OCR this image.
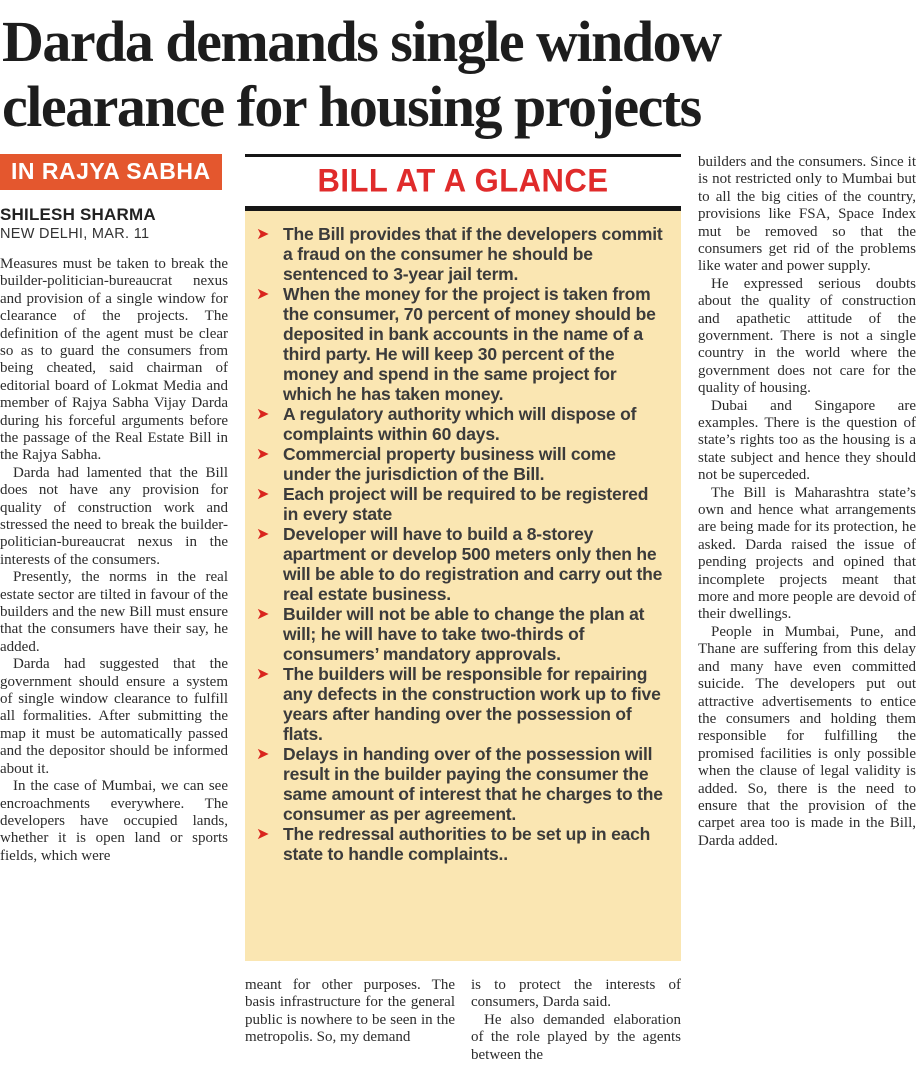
Darda demands single window clearance for housing projects
IN RAJYA SABHA
SHILESH SHARMA
NEW DELHI, MAR. 11

Measures must be taken to break the builder-politician-bureaucrat nexus and provision of a single window for clearance of the projects. The definition of the agent must be clear so as to guard the consumers from being cheated, said chairman of editorial board of Lokmat Media and member of Rajya Sabha Vijay Darda during his forceful arguments before the passage of the Real Estate Bill in the Rajya Sabha.

Darda had lamented that the Bill does not have any provision for quality of construction work and stressed the need to break the builder-politician-bureaucrat nexus in the interests of the consumers.

Presently, the norms in the real estate sector are tilted in favour of the builders and the new Bill must ensure that the consumers have their say, he added.

Darda had suggested that the government should ensure a system of single window clearance to fulfill all formalities. After submitting the map it must be automatically passed and the depositor should be informed about it.

In the case of Mumbai, we can see encroachments everywhere. The developers have occupied lands, whether it is open land or sports fields, which were

BILL AT A GLANCE
➤ The Bill provides that if the developers commit a fraud on the consumer he should be sentenced to 3-year jail term.
➤ When the money for the project is taken from the consumer, 70 percent of money should be deposited in bank accounts in the name of a third party. He will keep 30 percent of the money and spend in the same project for which he has taken money.
➤ A regulatory authority which will dispose of complaints within 60 days.
➤ Commercial property business will come under the jurisdiction of the Bill.
➤ Each project will be required to be registered in every state
➤ Developer will have to build a 8-storey apartment or develop 500 meters only then he will be able to do registration and carry out the real estate business.
➤ Builder will not be able to change the plan at will; he will have to take two-thirds of consumers’ mandatory approvals.
➤ The builders will be responsible for repairing any defects in the construction work up to five years after handing over the possession of flats.
➤ Delays in handing over of the possession will result in the builder paying the consumer the same amount of interest that he charges to the consumer as per agreement.
➤ The redressal authorities to be set up in each state to handle complaints..

meant for other purposes. The basis infrastructure for the general public is nowhere to be seen in the metropolis. So, my demand

is to protect the interests of consumers, Darda said.

He also demanded elaboration of the role played by the agents between the

builders and the consumers. Since it is not restricted only to Mumbai but to all the big cities of the country, provisions like FSA, Space Index mut be removed so that the consumers get rid of the problems like water and power supply.

He expressed serious doubts about the quality of construction and apathetic attitude of the government. There is not a single country in the world where the government does not care for the quality of housing.

Dubai and Singapore are examples. There is the question of state’s rights too as the housing is a state subject and hence they should not be superceded.

The Bill is Maharashtra state’s own and hence what arrangements are being made for its protection, he asked. Darda raised the issue of pending projects and opined that incomplete projects meant that more and more people are devoid of their dwellings.

People in Mumbai, Pune, and Thane are suffering from this delay and many have even committed suicide. The developers put out attractive advertisements to entice the consumers and holding them responsible for fulfilling the promised facilities is only possible when the clause of legal validity is added. So, there is the need to ensure that the provision of the carpet area too is made in the Bill, Darda added.
